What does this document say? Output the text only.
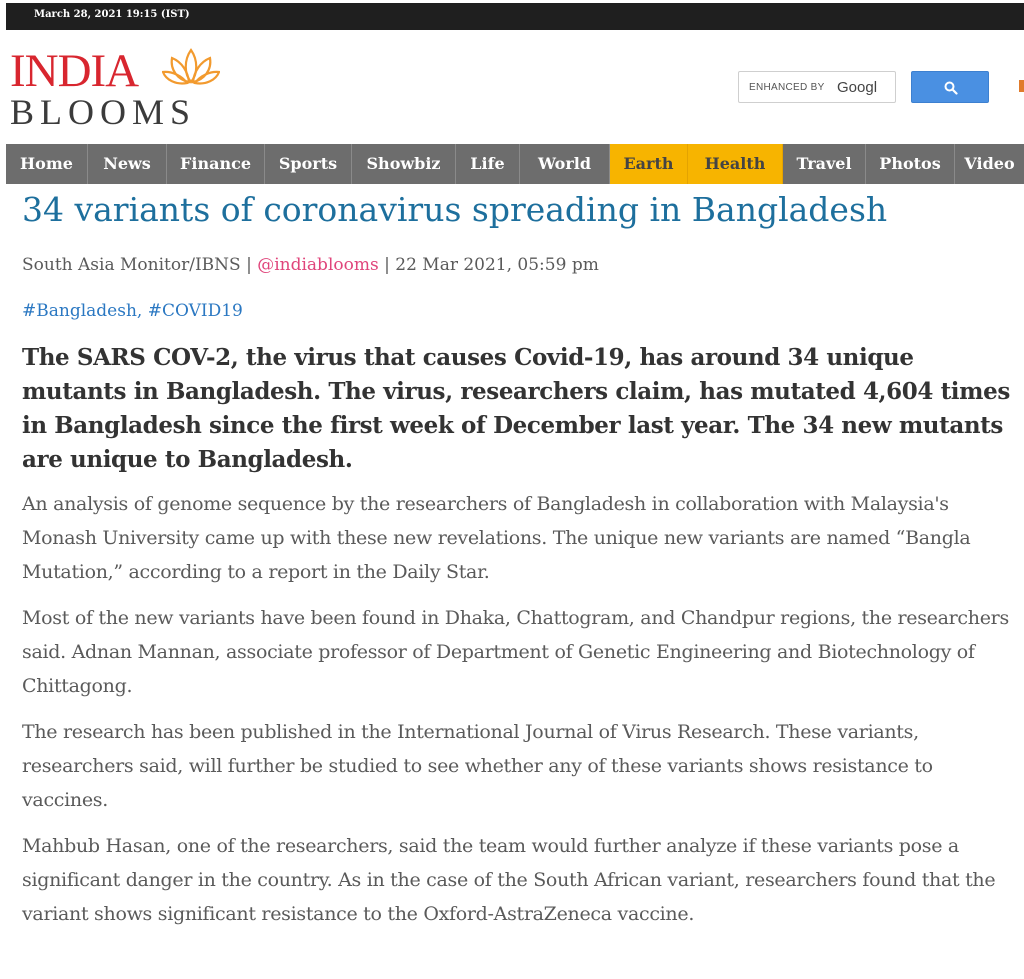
March 28, 2021 19:15 (IST)
INDIA
BLOOMS
ENHANCED BY Googl
Home	News	Finance	Sports	Showbiz	Life	World	Earth	Health	Travel	Photos	Video
34 variants of coronavirus spreading in Bangladesh
South Asia Monitor/IBNS | @indiablooms | 22 Mar 2021, 05:59 pm
#Bangladesh, #COVID19

The SARS COV-2, the virus that causes Covid-19, has around 34 unique mutants in Bangladesh. The virus, researchers claim, has mutated 4,604 times in Bangladesh since the first week of December last year. The 34 new mutants are unique to Bangladesh.

An analysis of genome sequence by the researchers of Bangladesh in collaboration with Malaysia's Monash University came up with these new revelations. The unique new variants are named “Bangla Mutation,” according to a report in the Daily Star.

Most of the new variants have been found in Dhaka, Chattogram, and Chandpur regions, the researchers said. Adnan Mannan, associate professor of Department of Genetic Engineering and Biotechnology of Chittagong.

The research has been published in the International Journal of Virus Research. These variants, researchers said, will further be studied to see whether any of these variants shows resistance to vaccines.

Mahbub Hasan, one of the researchers, said the team would further analyze if these variants pose a significant danger in the country. As in the case of the South African variant, researchers found that the variant shows significant resistance to the Oxford-AstraZeneca vaccine.
